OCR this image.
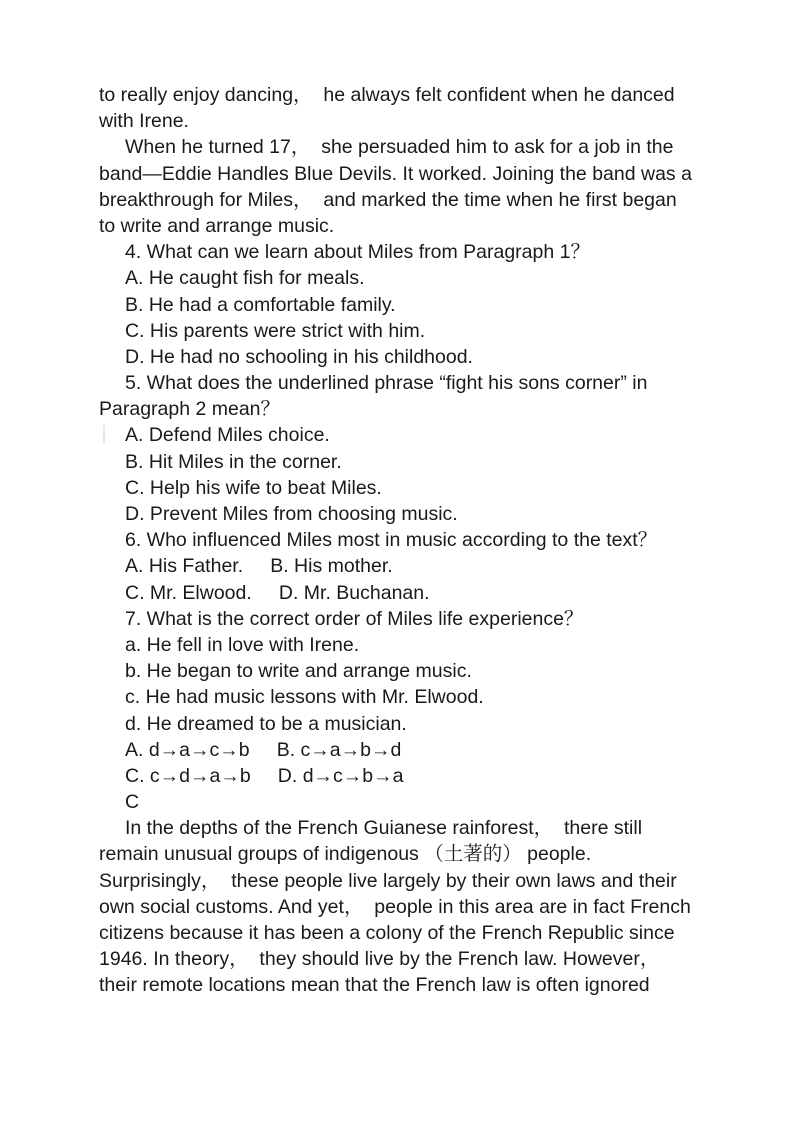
to really enjoy dancing，  he always felt confident when he danced
with Irene.
When he turned 17，  she persuaded him to ask for a job in the
band—Eddie Handles Blue Devils. It worked. Joining the band was a
breakthrough for Miles，  and marked the time when he first began
to write and arrange music.
4. What can we learn about Miles from Paragraph 1？
A. He caught fish for meals.
B. He had a comfortable family.
C. His parents were strict with him.
D. He had no schooling in his childhood.
5. What does the underlined phrase “fight his sons corner” in
Paragraph 2 mean？
A. Defend Miles choice.
B. Hit Miles in the corner.
C. Help his wife to beat Miles.
D. Prevent Miles from choosing music.
6. Who influenced Miles most in music according to the text？
A. His Father.     B. His mother.
C. Mr. Elwood.     D. Mr. Buchanan.
7. What is the correct order of Miles life experience？
a. He fell in love with Irene.
b. He began to write and arrange music.
c. He had music lessons with Mr. Elwood.
d. He dreamed to be a musician.
A. d→a→c→b     B. c→a→b→d
C. c→d→a→b     D. d→c→b→a
C
In the depths of the French Guianese rainforest，  there still
remain unusual groups of indigenous （土著的） people.
Surprisingly，  these people live largely by their own laws and their
own social customs. And yet，  people in this area are in fact French
citizens because it has been a colony of the French Republic since
1946. In theory，  they should live by the French law. However，
their remote locations mean that the French law is often ignored
